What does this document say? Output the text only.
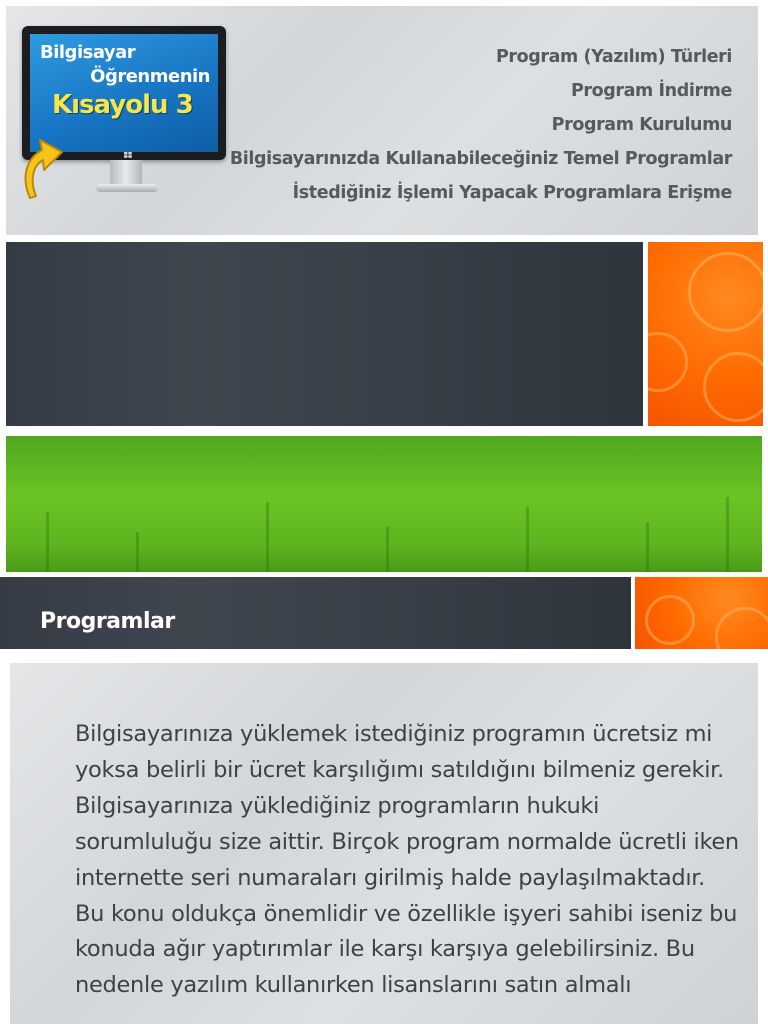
Bilgisayar
Öğrenmenin
Kısayolu 3
Program (Yazılım) Türleri
Program İndirme
Program Kurulumu
Bilgisayarınızda Kullanabileceğiniz Temel Programlar
İstediğiniz İşlemi Yapacak Programlara Erişme
Programlar

Bilgisayarınıza yüklemek istediğiniz programın ücretsiz mi yoksa belirli bir ücret karşılığımı satıldığını bilmeniz gerekir. Bilgisayarınıza yüklediğiniz programların hukuki sorumluluğu size aittir. Birçok program normalde ücretli iken internette seri numaraları girilmiş halde paylaşılmaktadır. Bu konu oldukça önemlidir ve özellikle işyeri sahibi iseniz bu konuda ağır yaptırımlar ile karşı karşıya gelebilirsiniz. Bu nedenle yazılım kullanırken lisanslarını satın almalı
